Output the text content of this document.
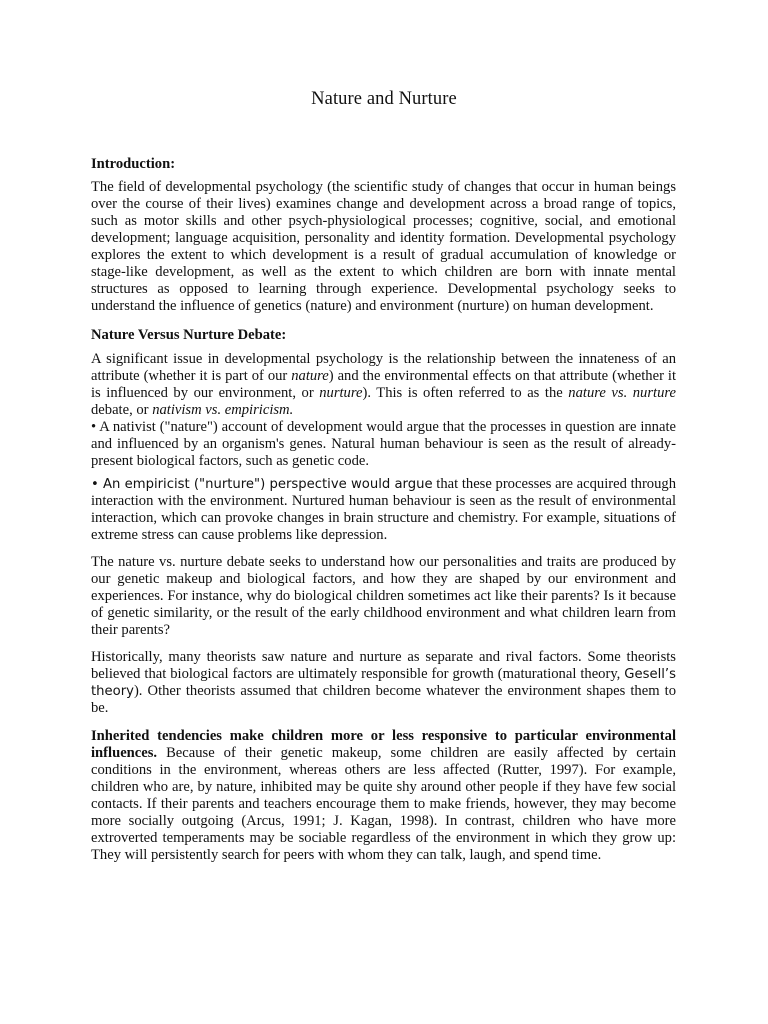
Nature and Nurture
Introduction:

The field of developmental psychology (the scientific study of changes that occur in human beings over the course of their lives) examines change and development across a broad range of topics, such as motor skills and other psych-physiological processes; cognitive, social, and emotional development; language acquisition, personality and identity formation. Developmental psychology explores the extent to which development is a result of gradual accumulation of knowledge or stage-like development, as well as the extent to which children are born with innate mental structures as opposed to learning through experience. Developmental psychology seeks to understand the influence of genetics (nature) and environment (nurture) on human development.

Nature Versus Nurture Debate:

A significant issue in developmental psychology is the relationship between the innateness of an attribute (whether it is part of our nature) and the environmental effects on that attribute (whether it is influenced by our environment, or nurture). This is often referred to as the nature vs. nurture debate, or nativism vs. empiricism.

• A nativist ("nature") account of development would argue that the processes in question are innate and influenced by an organism's genes. Natural human behaviour is seen as the result of already-present biological factors, such as genetic code.

• An empiricist ("nurture") perspective would argue that these processes are acquired through interaction with the environment. Nurtured human behaviour is seen as the result of environmental interaction, which can provoke changes in brain structure and chemistry. For example, situations of extreme stress can cause problems like depression.

The nature vs. nurture debate seeks to understand how our personalities and traits are produced by our genetic makeup and biological factors, and how they are shaped by our environment and experiences. For instance, why do biological children sometimes act like their parents? Is it because of genetic similarity, or the result of the early childhood environment and what children learn from their parents?

Historically, many theorists saw nature and nurture as separate and rival factors. Some theorists believed that biological factors are ultimately responsible for growth (maturational theory, Gesell’s theory). Other theorists assumed that children become whatever the environment shapes them to be.

Inherited tendencies make children more or less responsive to particular environmental influences. Because of their genetic makeup, some children are easily affected by certain conditions in the environment, whereas others are less affected (Rutter, 1997). For example, children who are, by nature, inhibited may be quite shy around other people if they have few social contacts. If their parents and teachers encourage them to make friends, however, they may become more socially outgoing (Arcus, 1991; J. Kagan, 1998). In contrast, children who have more extroverted temperaments may be sociable regardless of the environment in which they grow up: They will persistently search for peers with whom they can talk, laugh, and spend time.
